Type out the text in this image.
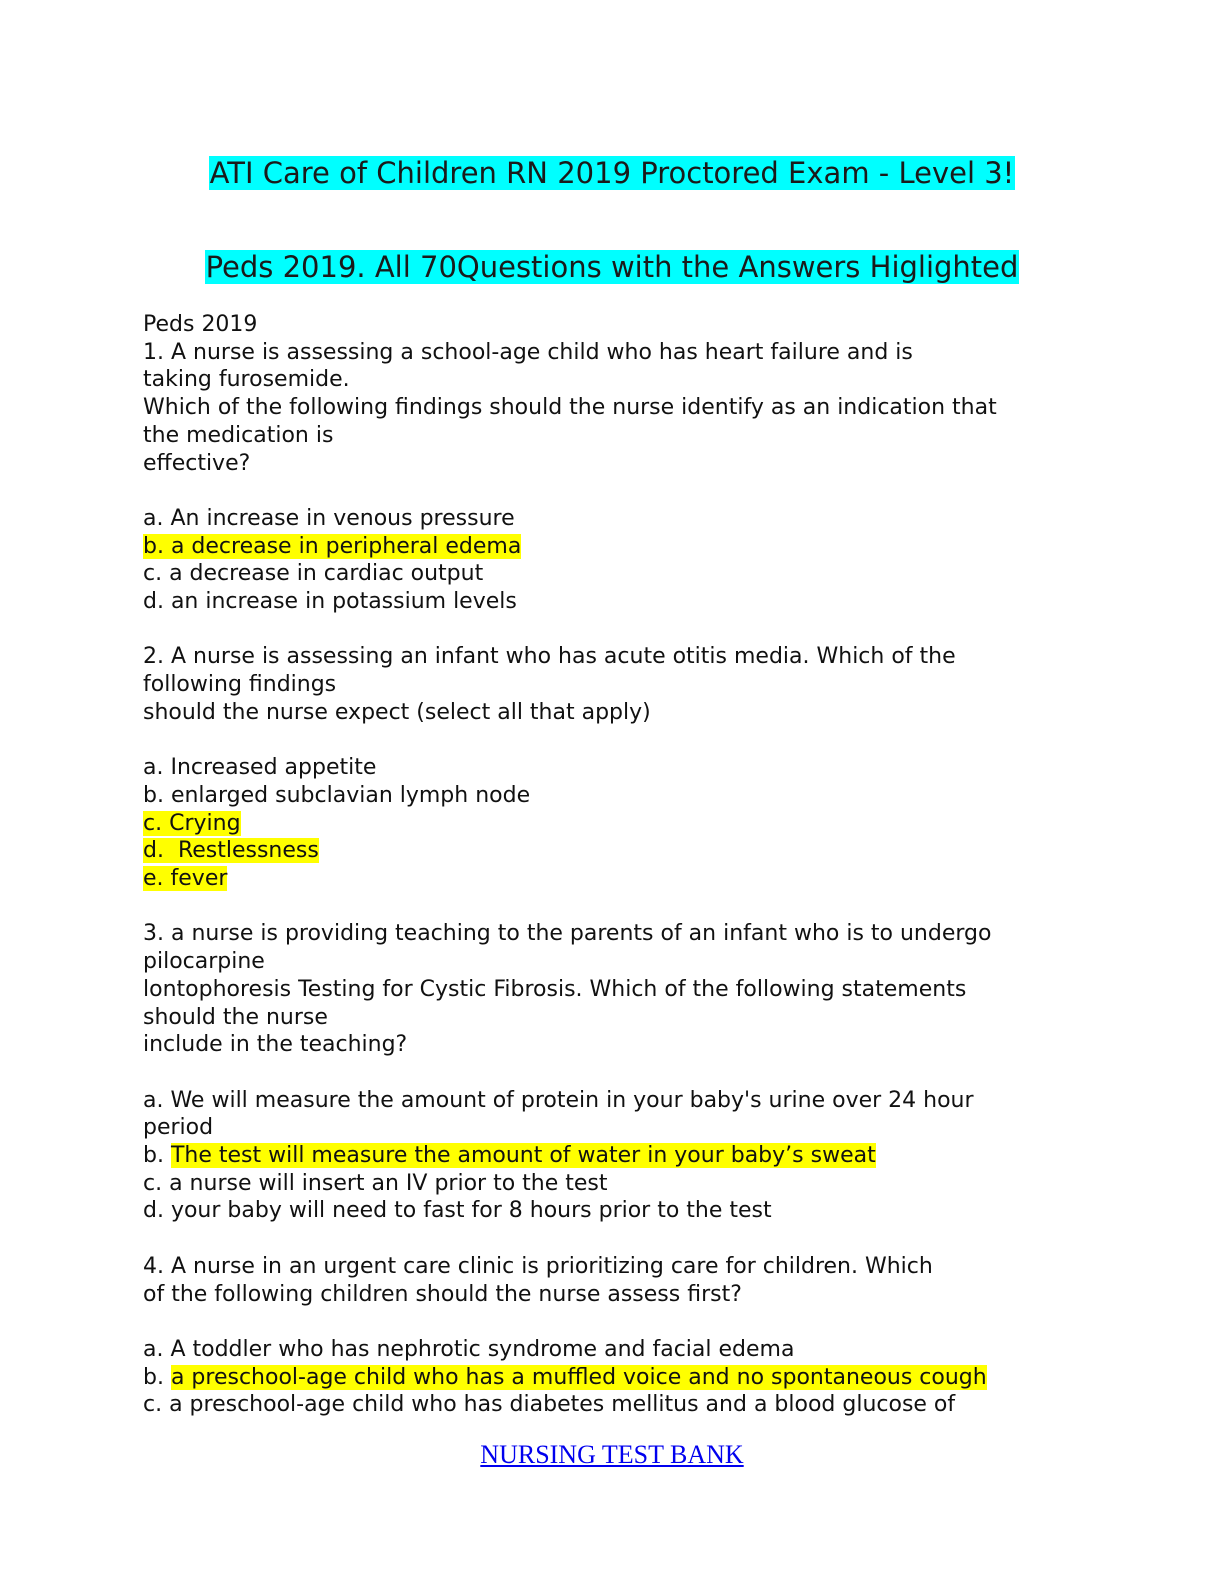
ATI Care of Children RN 2019 Proctored Exam - Level 3!
Peds 2019. All 70Questions with the Answers Higlighted
Peds 2019
1. A nurse is assessing a school-age child who has heart failure and is
taking furosemide.
Which of the following findings should the nurse identify as an indication that
the medication is
effective?
a. An increase in venous pressure
b. a decrease in peripheral edema
c. a decrease in cardiac output
d. an increase in potassium levels
2. A nurse is assessing an infant who has acute otitis media. Which of the
following findings
should the nurse expect (select all that apply)
a. Increased appetite
b. enlarged subclavian lymph node
c. Crying
d.  Restlessness
e. fever
3. a nurse is providing teaching to the parents of an infant who is to undergo
pilocarpine
lontophoresis Testing for Cystic Fibrosis. Which of the following statements
should the nurse
include in the teaching?
a. We will measure the amount of protein in your baby's urine over 24 hour
period
b. The test will measure the amount of water in your baby’s sweat
c. a nurse will insert an IV prior to the test
d. your baby will need to fast for 8 hours prior to the test
4. A nurse in an urgent care clinic is prioritizing care for children. Which
of the following children should the nurse assess first?
a. A toddler who has nephrotic syndrome and facial edema
b. a preschool-age child who has a muffled voice and no spontaneous cough
c. a preschool-age child who has diabetes mellitus and a blood glucose of
NURSING TEST BANK
